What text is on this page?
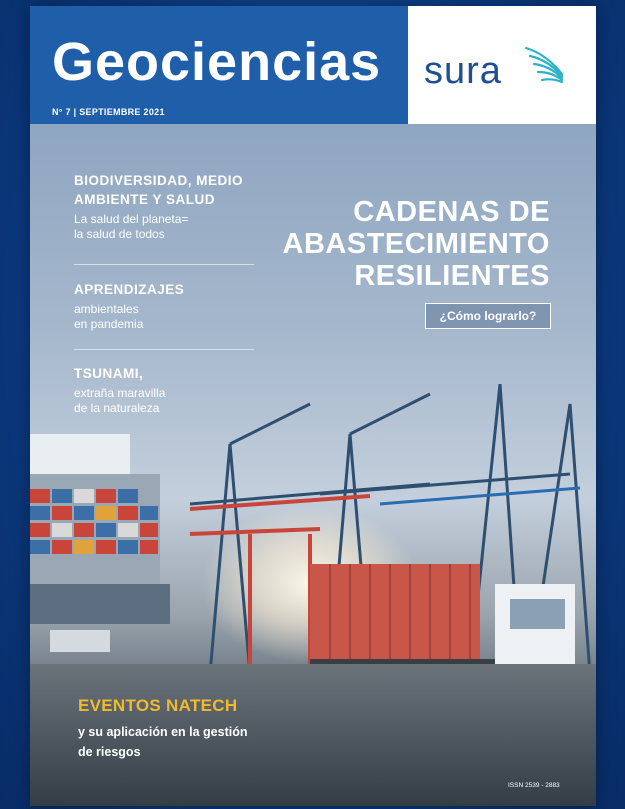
Geociencias
N° 7 | SEPTIEMBRE 2021
sura
BIODIVERSIDAD, MEDIO
AMBIENTE Y SALUD
La salud del planeta=
la salud de todos
APRENDIZAJES
ambientales
en pandemia
TSUNAMI,
extraña maravilla
de la naturaleza
CADENAS DE
ABASTECIMIENTO
RESILIENTES
¿Cómo lograrlo?
EVENTOS NATECH
y su aplicación en la gestión
de riesgos
ISSN 2539 - 2883
